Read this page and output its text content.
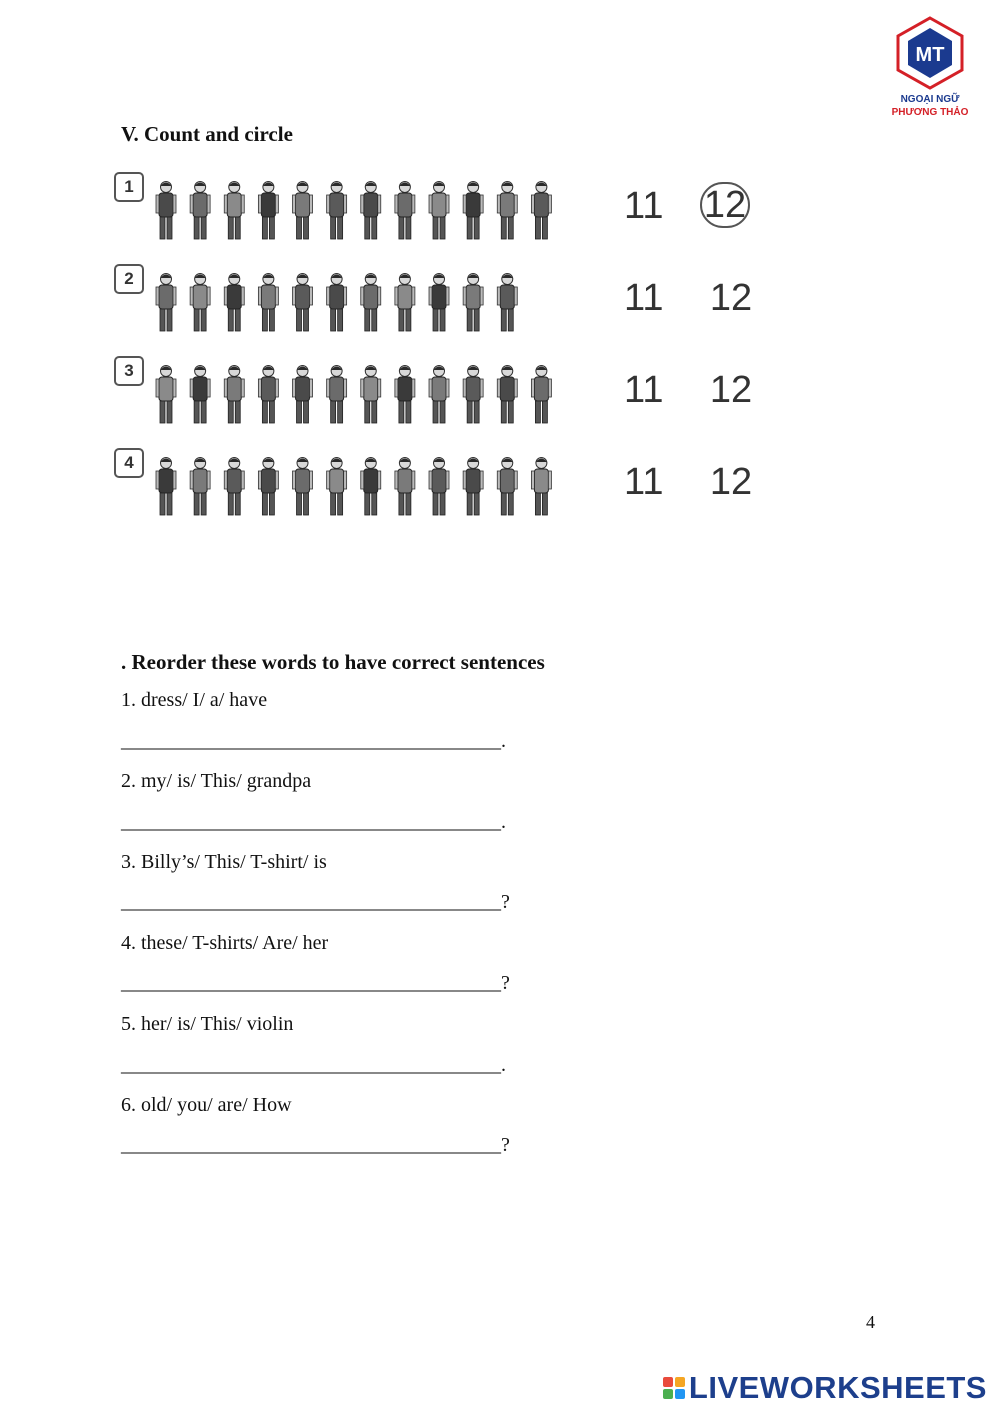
MT
NGOẠI NGỮ
PHƯƠNG THẢO
V. Count and circle
1	11 12
2	11 12
3	11 12
4	11 12
. Reorder these words to have correct sentences
1. dress/ I/ a/ have
______________________________________.
2. my/ is/ This/ grandpa
______________________________________.
3. Billy’s/ This/ T-shirt/ is
______________________________________?
4. these/ T-shirts/ Are/ her
______________________________________?
5. her/ is/ This/ violin
______________________________________.
6. old/ you/ are/ How
______________________________________?
4
LIVEWORKSHEETS
